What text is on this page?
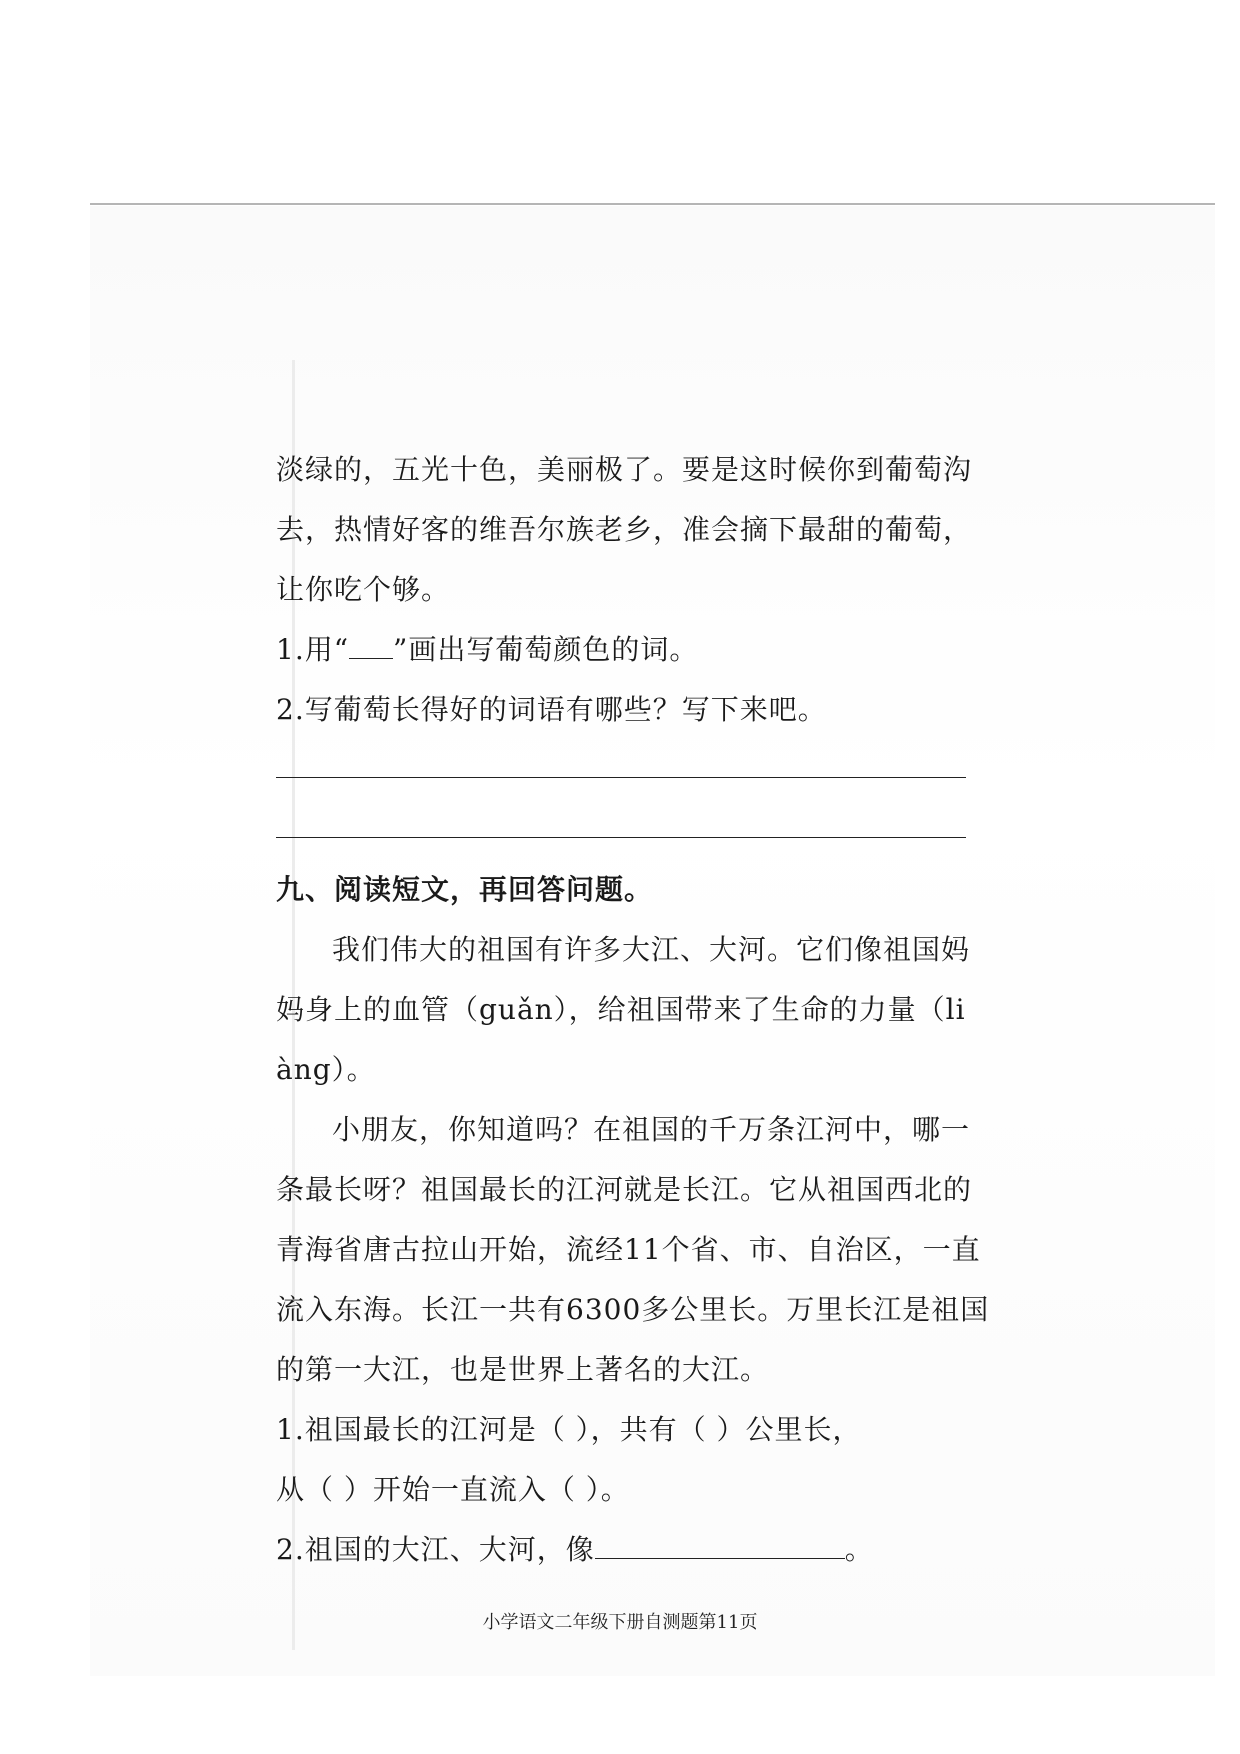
淡绿的，五光十色，美丽极了。要是这时候你到葡萄沟
去，热情好客的维吾尔族老乡，准会摘下最甜的葡萄，
让你吃个够。
1.用“ ”画出写葡萄颜色的词。
2.写葡萄长得好的词语有哪些？写下来吧。
九、阅读短文，再回答问题。
我们伟大的祖国有许多大江、大河。它们像祖国妈
妈身上的血管（guǎn），给祖国带来了生命的力量（li
àng）。
小朋友，你知道吗？在祖国的千万条江河中，哪一
条最长呀？祖国最长的江河就是长江。它从祖国西北的
青海省唐古拉山开始，流经11个省、市、自治区，一直
流入东海。长江一共有6300多公里长。万里长江是祖国
的第一大江，也是世界上著名的大江。
1.祖国最长的江河是（ ），共有（ ）公里长，
从（ ）开始一直流入（ ）。
2.祖国的大江、大河，像	。
小学语文二年级下册自测题第11页
